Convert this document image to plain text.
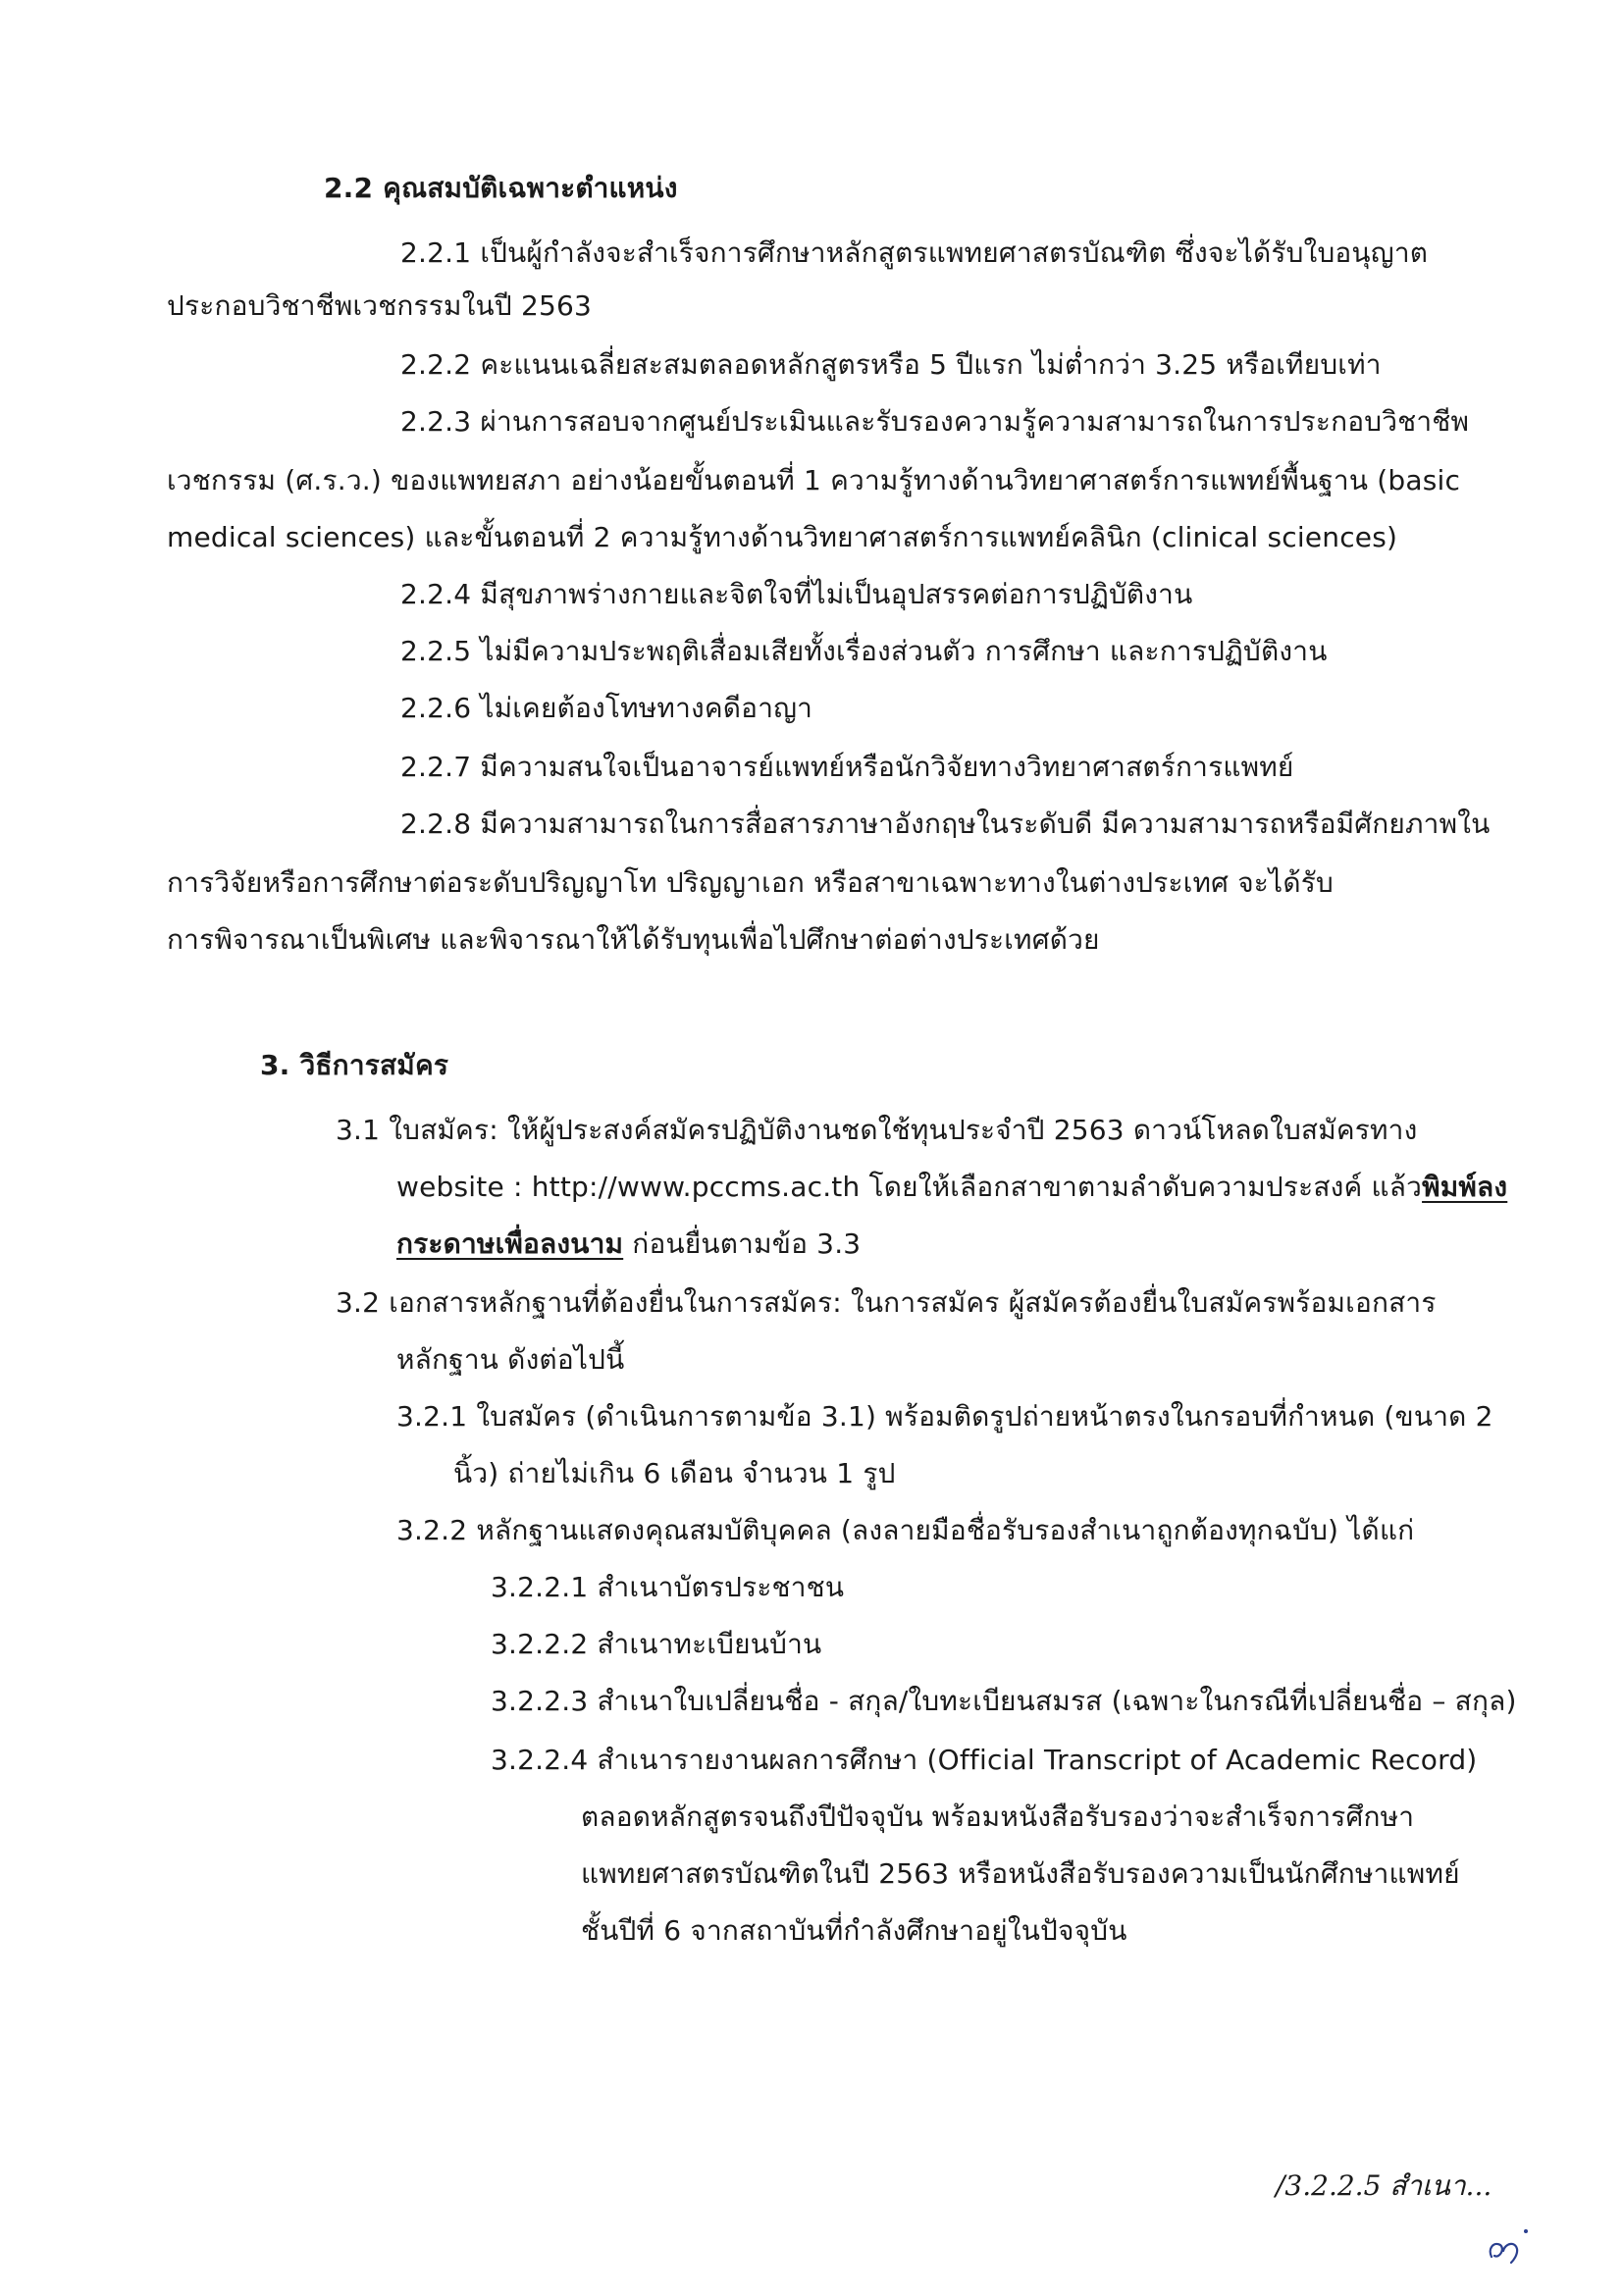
2.2 คุณสมบัติเฉพาะตำแหน่ง
2.2.1 เป็นผู้กำลังจะสำเร็จการศึกษาหลักสูตรแพทยศาสตรบัณฑิต ซึ่งจะได้รับใบอนุญาต
ประกอบวิชาชีพเวชกรรมในปี 2563
2.2.2 คะแนนเฉลี่ยสะสมตลอดหลักสูตรหรือ 5 ปีแรก ไม่ต่ำกว่า 3.25 หรือเทียบเท่า
2.2.3 ผ่านการสอบจากศูนย์ประเมินและรับรองความรู้ความสามารถในการประกอบวิชาชีพ
เวชกรรม (ศ.ร.ว.) ของแพทยสภา อย่างน้อยขั้นตอนที่ 1 ความรู้ทางด้านวิทยาศาสตร์การแพทย์พื้นฐาน (basic
medical sciences) และขั้นตอนที่ 2 ความรู้ทางด้านวิทยาศาสตร์การแพทย์คลินิก (clinical sciences)
2.2.4 มีสุขภาพร่างกายและจิตใจที่ไม่เป็นอุปสรรคต่อการปฏิบัติงาน
2.2.5 ไม่มีความประพฤติเสื่อมเสียทั้งเรื่องส่วนตัว การศึกษา และการปฏิบัติงาน
2.2.6 ไม่เคยต้องโทษทางคดีอาญา
2.2.7 มีความสนใจเป็นอาจารย์แพทย์หรือนักวิจัยทางวิทยาศาสตร์การแพทย์
2.2.8 มีความสามารถในการสื่อสารภาษาอังกฤษในระดับดี มีความสามารถหรือมีศักยภาพใน
การวิจัยหรือการศึกษาต่อระดับปริญญาโท ปริญญาเอก หรือสาขาเฉพาะทางในต่างประเทศ จะได้รับ
การพิจารณาเป็นพิเศษ และพิจารณาให้ได้รับทุนเพื่อไปศึกษาต่อต่างประเทศด้วย
3. วิธีการสมัคร
3.1 ใบสมัคร: ให้ผู้ประสงค์สมัครปฏิบัติงานชดใช้ทุนประจำปี 2563 ดาวน์โหลดใบสมัครทาง
website : http://www.pccms.ac.th โดยให้เลือกสาขาตามลำดับความประสงค์ แล้วพิมพ์ลง
กระดาษเพื่อลงนาม ก่อนยื่นตามข้อ 3.3
3.2 เอกสารหลักฐานที่ต้องยื่นในการสมัคร: ในการสมัคร ผู้สมัครต้องยื่นใบสมัครพร้อมเอกสาร
หลักฐาน ดังต่อไปนี้
3.2.1 ใบสมัคร (ดำเนินการตามข้อ 3.1) พร้อมติดรูปถ่ายหน้าตรงในกรอบที่กำหนด (ขนาด 2
นิ้ว) ถ่ายไม่เกิน 6 เดือน จำนวน 1 รูป
3.2.2 หลักฐานแสดงคุณสมบัติบุคคล (ลงลายมือชื่อรับรองสำเนาถูกต้องทุกฉบับ) ได้แก่
3.2.2.1 สำเนาบัตรประชาชน
3.2.2.2 สำเนาทะเบียนบ้าน
3.2.2.3 สำเนาใบเปลี่ยนชื่อ - สกุล/ใบทะเบียนสมรส (เฉพาะในกรณีที่เปลี่ยนชื่อ – สกุล)
3.2.2.4 สำเนารายงานผลการศึกษา (Official Transcript of Academic Record)
ตลอดหลักสูตรจนถึงปีปัจจุบัน พร้อมหนังสือรับรองว่าจะสำเร็จการศึกษา
แพทยศาสตรบัณฑิตในปี 2563 หรือหนังสือรับรองความเป็นนักศึกษาแพทย์
ชั้นปีที่ 6 จากสถาบันที่กำลังศึกษาอยู่ในปัจจุบัน
/3.2.2.5 สำเนา...
